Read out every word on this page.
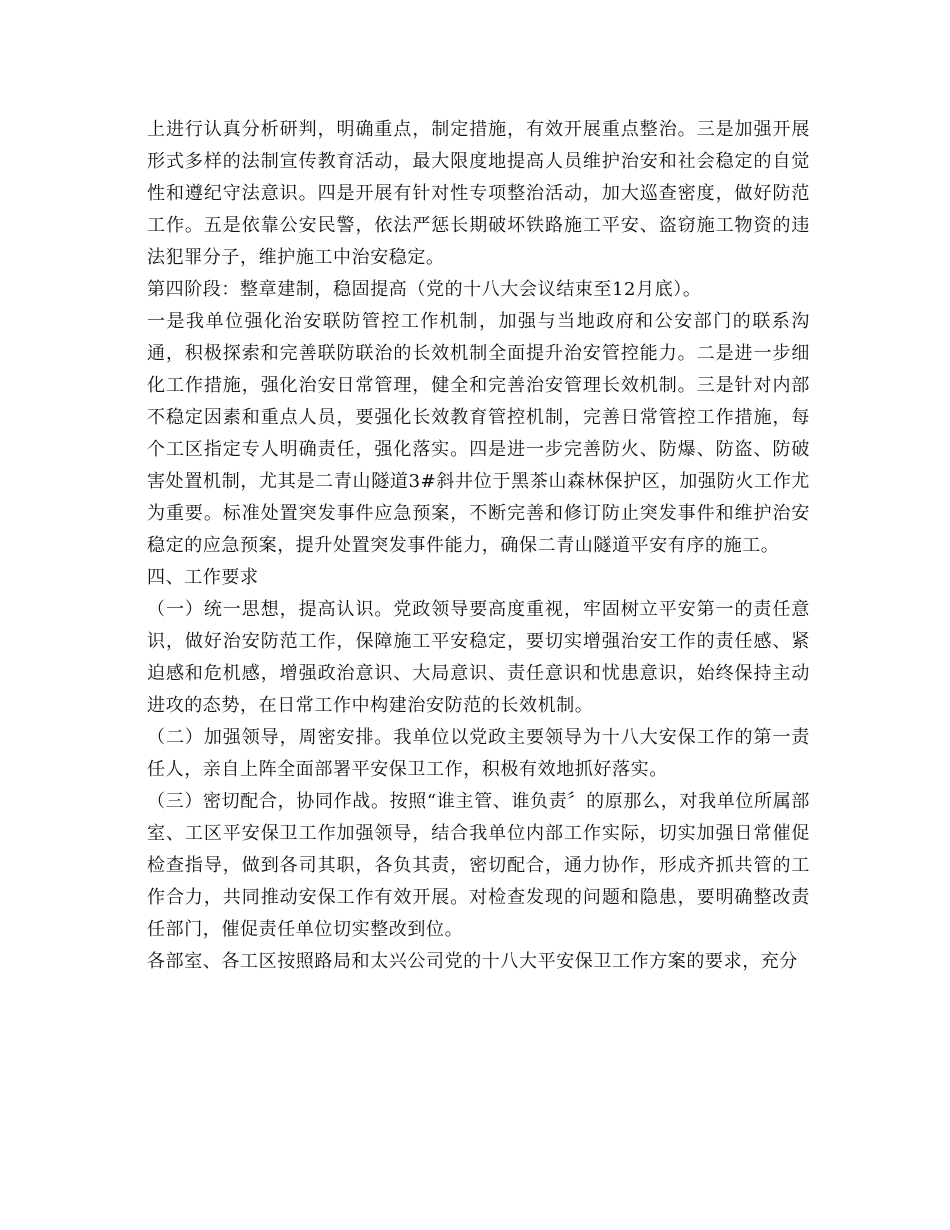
上进行认真分析研判，明确重点，制定措施，有效开展重点整治。三是加强开展形式多样的法制宣传教育活动，最大限度地提高人员维护治安和社会稳定的自觉性和遵纪守法意识。四是开展有针对性专项整治活动，加大巡查密度，做好防范工作。五是依靠公安民警，依法严惩长期破坏铁路施工平安、盗窃施工物资的违法犯罪分子，维护施工中治安稳定。

第四阶段：整章建制，稳固提高（党的十八大会议结束至12月底）。

一是我单位强化治安联防管控工作机制，加强与当地政府和公安部门的联系沟通，积极探索和完善联防联治的长效机制全面提升治安管控能力。二是进一步细化工作措施，强化治安日常管理，健全和完善治安管理长效机制。三是针对内部不稳定因素和重点人员，要强化长效教育管控机制，完善日常管控工作措施，每个工区指定专人明确责任，强化落实。四是进一步完善防火、防爆、防盗、防破害处置机制，尤其是二青山隧道3#斜井位于黑茶山森林保护区，加强防火工作尤为重要。标准处置突发事件应急预案，不断完善和修订防止突发事件和维护治安稳定的应急预案，提升处置突发事件能力，确保二青山隧道平安有序的施工。

四、工作要求

（一）统一思想，提高认识。党政领导要高度重视，牢固树立平安第一的责任意识，做好治安防范工作，保障施工平安稳定，要切实增强治安工作的责任感、紧迫感和危机感，增强政治意识、大局意识、责任意识和忧患意识，始终保持主动进攻的态势，在日常工作中构建治安防范的长效机制。

（二）加强领导，周密安排。我单位以党政主要领导为十八大安保工作的第一责任人，亲自上阵全面部署平安保卫工作，积极有效地抓好落实。

（三）密切配合，协同作战。按照“谁主管、谁负责〞的原那么，对我单位所属部室、工区平安保卫工作加强领导，结合我单位内部工作实际，切实加强日常催促检查指导，做到各司其职，各负其责，密切配合，通力协作，形成齐抓共管的工作合力，共同推动安保工作有效开展。对检查发现的问题和隐患，要明确整改责任部门，催促责任单位切实整改到位。

各部室、各工区按照路局和太兴公司党的十八大平安保卫工作方案的要求，充分
